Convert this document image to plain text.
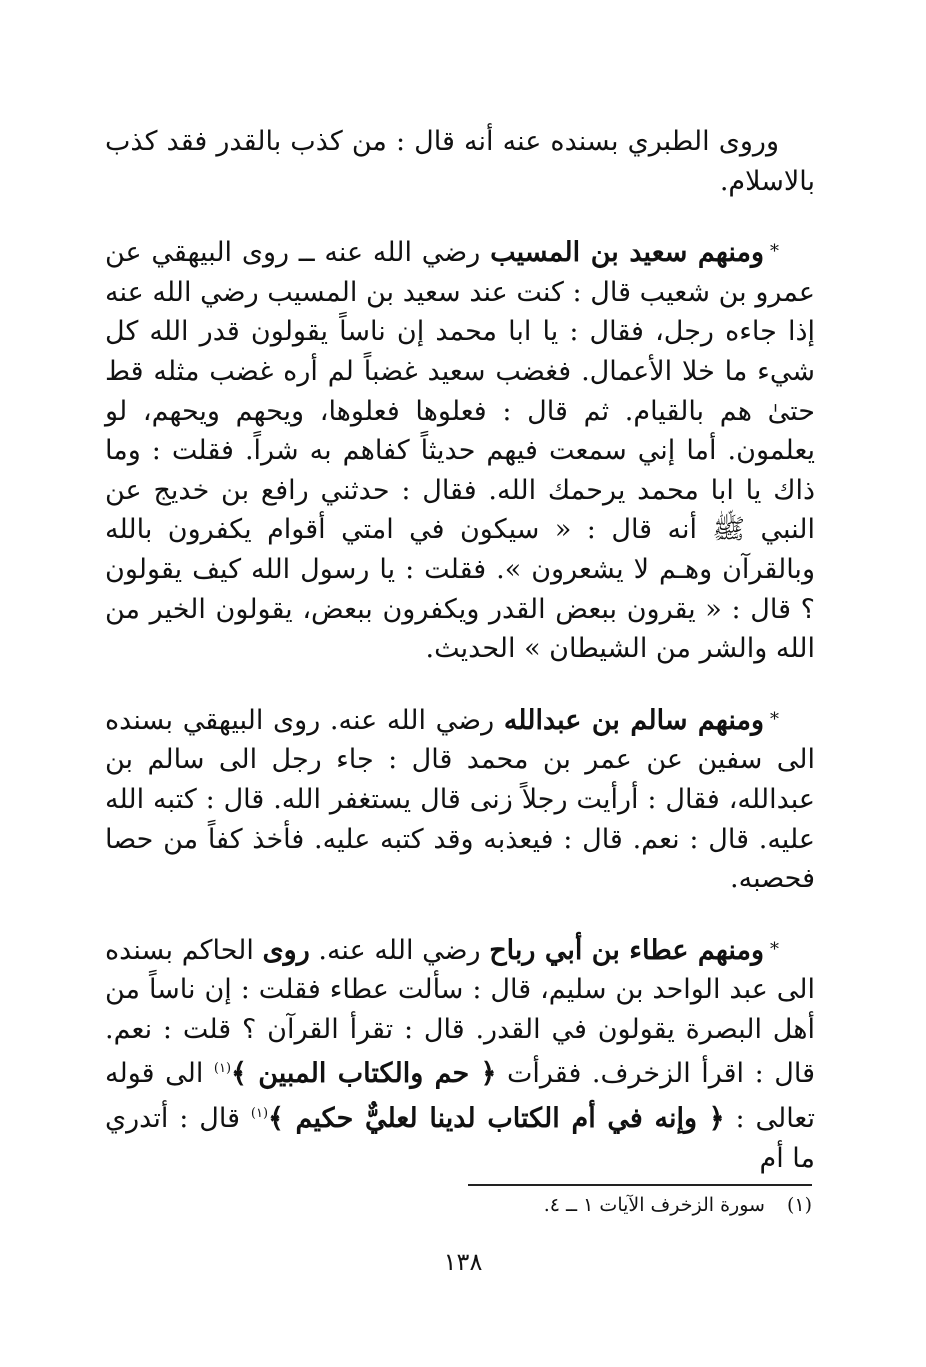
وروى الطبري بسنده عنه أنه قال : من كذب بالقدر فقد كذب بالاسلام.

*ومنهم سعيد بن المسيب رضي الله عنه ــ روى البيهقي عن عمرو بن شعيب قال : كنت عند سعيد بن المسيب رضي الله عنه إذا جاءه رجل، فقال : يا ابا محمد إن ناساً يقولون قدر الله كل شيء ما خلا الأعمال. فغضب سعيد غضباً لم أره غضب مثله قط حتىٰ هم بالقيام. ثم قال : فعلوها فعلوها، ويحهم ويحهم، لو يعلمون. أما إني سمعت فيهم حديثاً كفاهم به شراً. فقلت : وما ذاك يا ابا محمد يرحمك الله. فقال : حدثني رافع بن خديج عن النبي ﷺ أنه قال : « سيكون في امتي أقوام يكفرون بالله وبالقرآن وهـم لا يشعرون ». فقلت : يا رسول الله كيف يقولون ؟ قال : « يقرون ببعض القدر ويكفرون ببعض، يقولون الخير من الله والشر من الشيطان » الحديث.

*ومنهم سالم بن عبدالله رضي الله عنه. روى البيهقي بسنده الى سفين عن عمر بن محمد قال : جاء رجل الى سالم بن عبدالله، فقال : أرأيت رجلاً زنى قال يستغفر الله. قال : كتبه الله عليه. قال : نعم. قال : فيعذبه وقد كتبه عليه. فأخذ كفاً من حصا فحصبه.

*ومنهم عطاء بن أبي رباح رضي الله عنه. روى الحاكم بسنده الى عبد الواحد بن سليم، قال : سألت عطاء فقلت : إن ناساً من أهل البصرة يقولون في القدر. قال : تقرأ القرآن ؟ قلت : نعم. قال : اقرأ الزخرف. فقرأت ﴿ حم والكتاب المبين ﴾$^{(١)}$ الى قوله تعالى : ﴿ وإنه في أم الكتاب لدينا لعليٌّ حكيم ﴾$^{(١)}$ قال : أتدري ما أم

(١)سورة الزخرف الآيات ١ ــ ٤.
١٣٨
